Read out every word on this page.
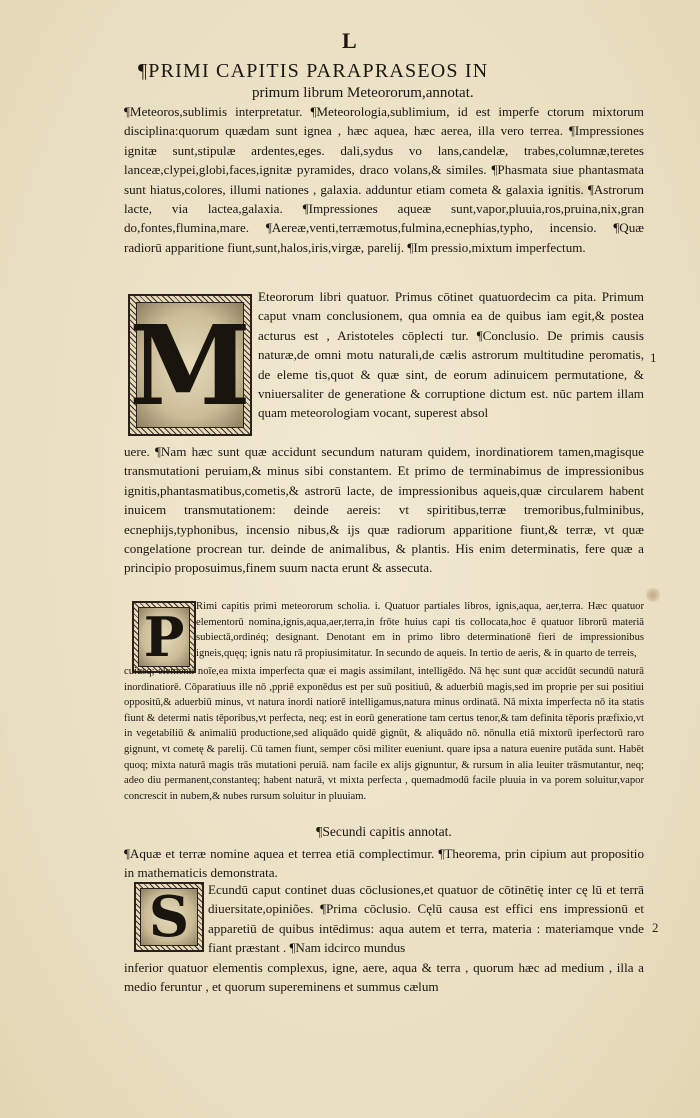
L
¶PRIMI CAPITIS PARAPRASEOS IN
primum librum Meteororum,annotat.
¶Meteoros,sublimis interpretatur. ¶Meteorologia,sublimium, id est imperfe ctorum mixtorum disciplina:quorum quædam sunt ignea , hæc aquea, hæc aerea, illa vero terrea. ¶Impressiones ignitæ sunt,stipulæ ardentes,eges. dali,sydus vo lans,candelæ, trabes,columnæ,teretes lanceæ,clypei,globi,faces,ignitæ pyramides, draco volans,& similes. ¶Phasmata siue phantasmata sunt hiatus,colores, illumi nationes , galaxia. adduntur etiam cometa & galaxia ignitis. ¶Astrorum lacte, via lactea,galaxia. ¶Impressiones aqueæ sunt,vapor,pluuia,ros,pruina,nix,gran do,fontes,flumina,mare. ¶Aereæ,venti,terræmotus,fulmina,ecnephias,typho, incensio. ¶Quæ radiorū apparitione fiunt,sunt,halos,iris,virgæ, parelij. ¶Im pressio,mixtum imperfectum.
M
Eteororum libri quatuor. Primus cōtinet quatuordecim ca pita. Primum caput vnam conclusionem, qua omnia ea de quibus iam egit,& postea acturus est , Aristoteles cōplecti tur. ¶Conclusio. De primis causis naturæ,de omni motu naturali,de cælis astrorum multitudine peromatis, de eleme tis,quot & quæ sint, de eorum adinuicem permutatione, & vniuersaliter de generatione & corruptione dictum est. nūc partem illam quam meteorologiam vocant, superest absol
1
uere. ¶Nam hæc sunt quæ accidunt secundum naturam quidem, inordinatiorem tamen,magisque transmutationi peruiam,& minus sibi constantem. Et primo de terminabimus de impressionibus ignitis,phantasmatibus,cometis,& astrorū lacte, de impressionibus aqueis,quæ circularem habent inuicem transmutationem: deinde aereis: vt spiritibus,terræ tremoribus,fulminibus, ecnephijs,typhonibus, incensio nibus,& ijs quæ radiorum apparitione fiunt,& terræ, vt quæ congelatione procrean tur. deinde de animalibus, & plantis. His enim determinatis, fere quæ a principio proposuimus,finem suum nacta erunt & assecuta.
P	Rimi capitis primi meteororum scholia. i. Quatuor partiales libros, ignis,aqua, aer,terra. Hæc quatuor elementorū nomina,ignis,aqua,aer,terra,in frōte huius capi tis collocata,hoc ē quatuor librorū materiā subiectā,ordinéq; designant. Denotant em in primo libro determinationē fieri de impressionibus igneis,quęq; ignis natu rā propiusimitatur. In secundo de aqueis. In tertio de aeris, & in quarto de terreis,
cuiusq; elementi noīe,ea mixta imperfecta quæ ei magis assimilant, intelligēdo. Nā hęc sunt quæ accidūt secundū naturā inordinatiorē. Cōparatiuus ille nō ,ppriē exponēdus est per suū positiuū, & aduerbiū magis,sed im proprie per sui positiui oppositū,& aduerbiū minus, vt natura inordi natiorē intelligamus,natura minus ordinatā. Nā mixta imperfecta nō ita statis fiunt & determi natis tēporibus,vt perfecta, neq; est in eorū generatione tam certus tenor,& tam definita tēporis præfixio,vt in vegetabiliū & animaliū productione,sed aliquādo quidē gignūt, & aliquādo nō. nōnulla etiā mixtorū iperfectorū raro gignunt, vt cometę & parelij. Cū tamen fiunt, semper cōsi militer eueniunt. quare ipsa a natura euenire putāda sunt. Habēt quoq; mixta naturā magis trās mutationi peruiā. nam facile ex alijs gignuntur, & rursum in alia leuiter trāsmutantur, neq; adeo diu permanent,constanteq; habent naturā, vt mixta perfecta , quemadmodū facile pluuia in va porem soluitur,vapor concrescit in nubem,& nubes rursum soluitur in pluuiam.
¶Secundi capitis annotat.
¶Aquæ et terræ nomine aquea et terrea etiā complectimur. ¶Theorema, prin cipium aut propositio in mathematicis demonstrata.
S	Ecundū caput continet duas cōclusiones,et quatuor de cōtinētię inter cę lū et terrā diuersitate,opiniões. ¶Prima cōclusio. Cęlū causa est effici ens impressionū et apparetiū de quibus intēdimus: aqua autem et terra, materia : materiamque vnde fiant præstant . ¶Nam idcirco mundus
2
inferior quatuor elementis complexus, igne, aere, aqua & terra , quorum hæc ad medium , illa a medio feruntur , et quorum supereminens et summus cælum
